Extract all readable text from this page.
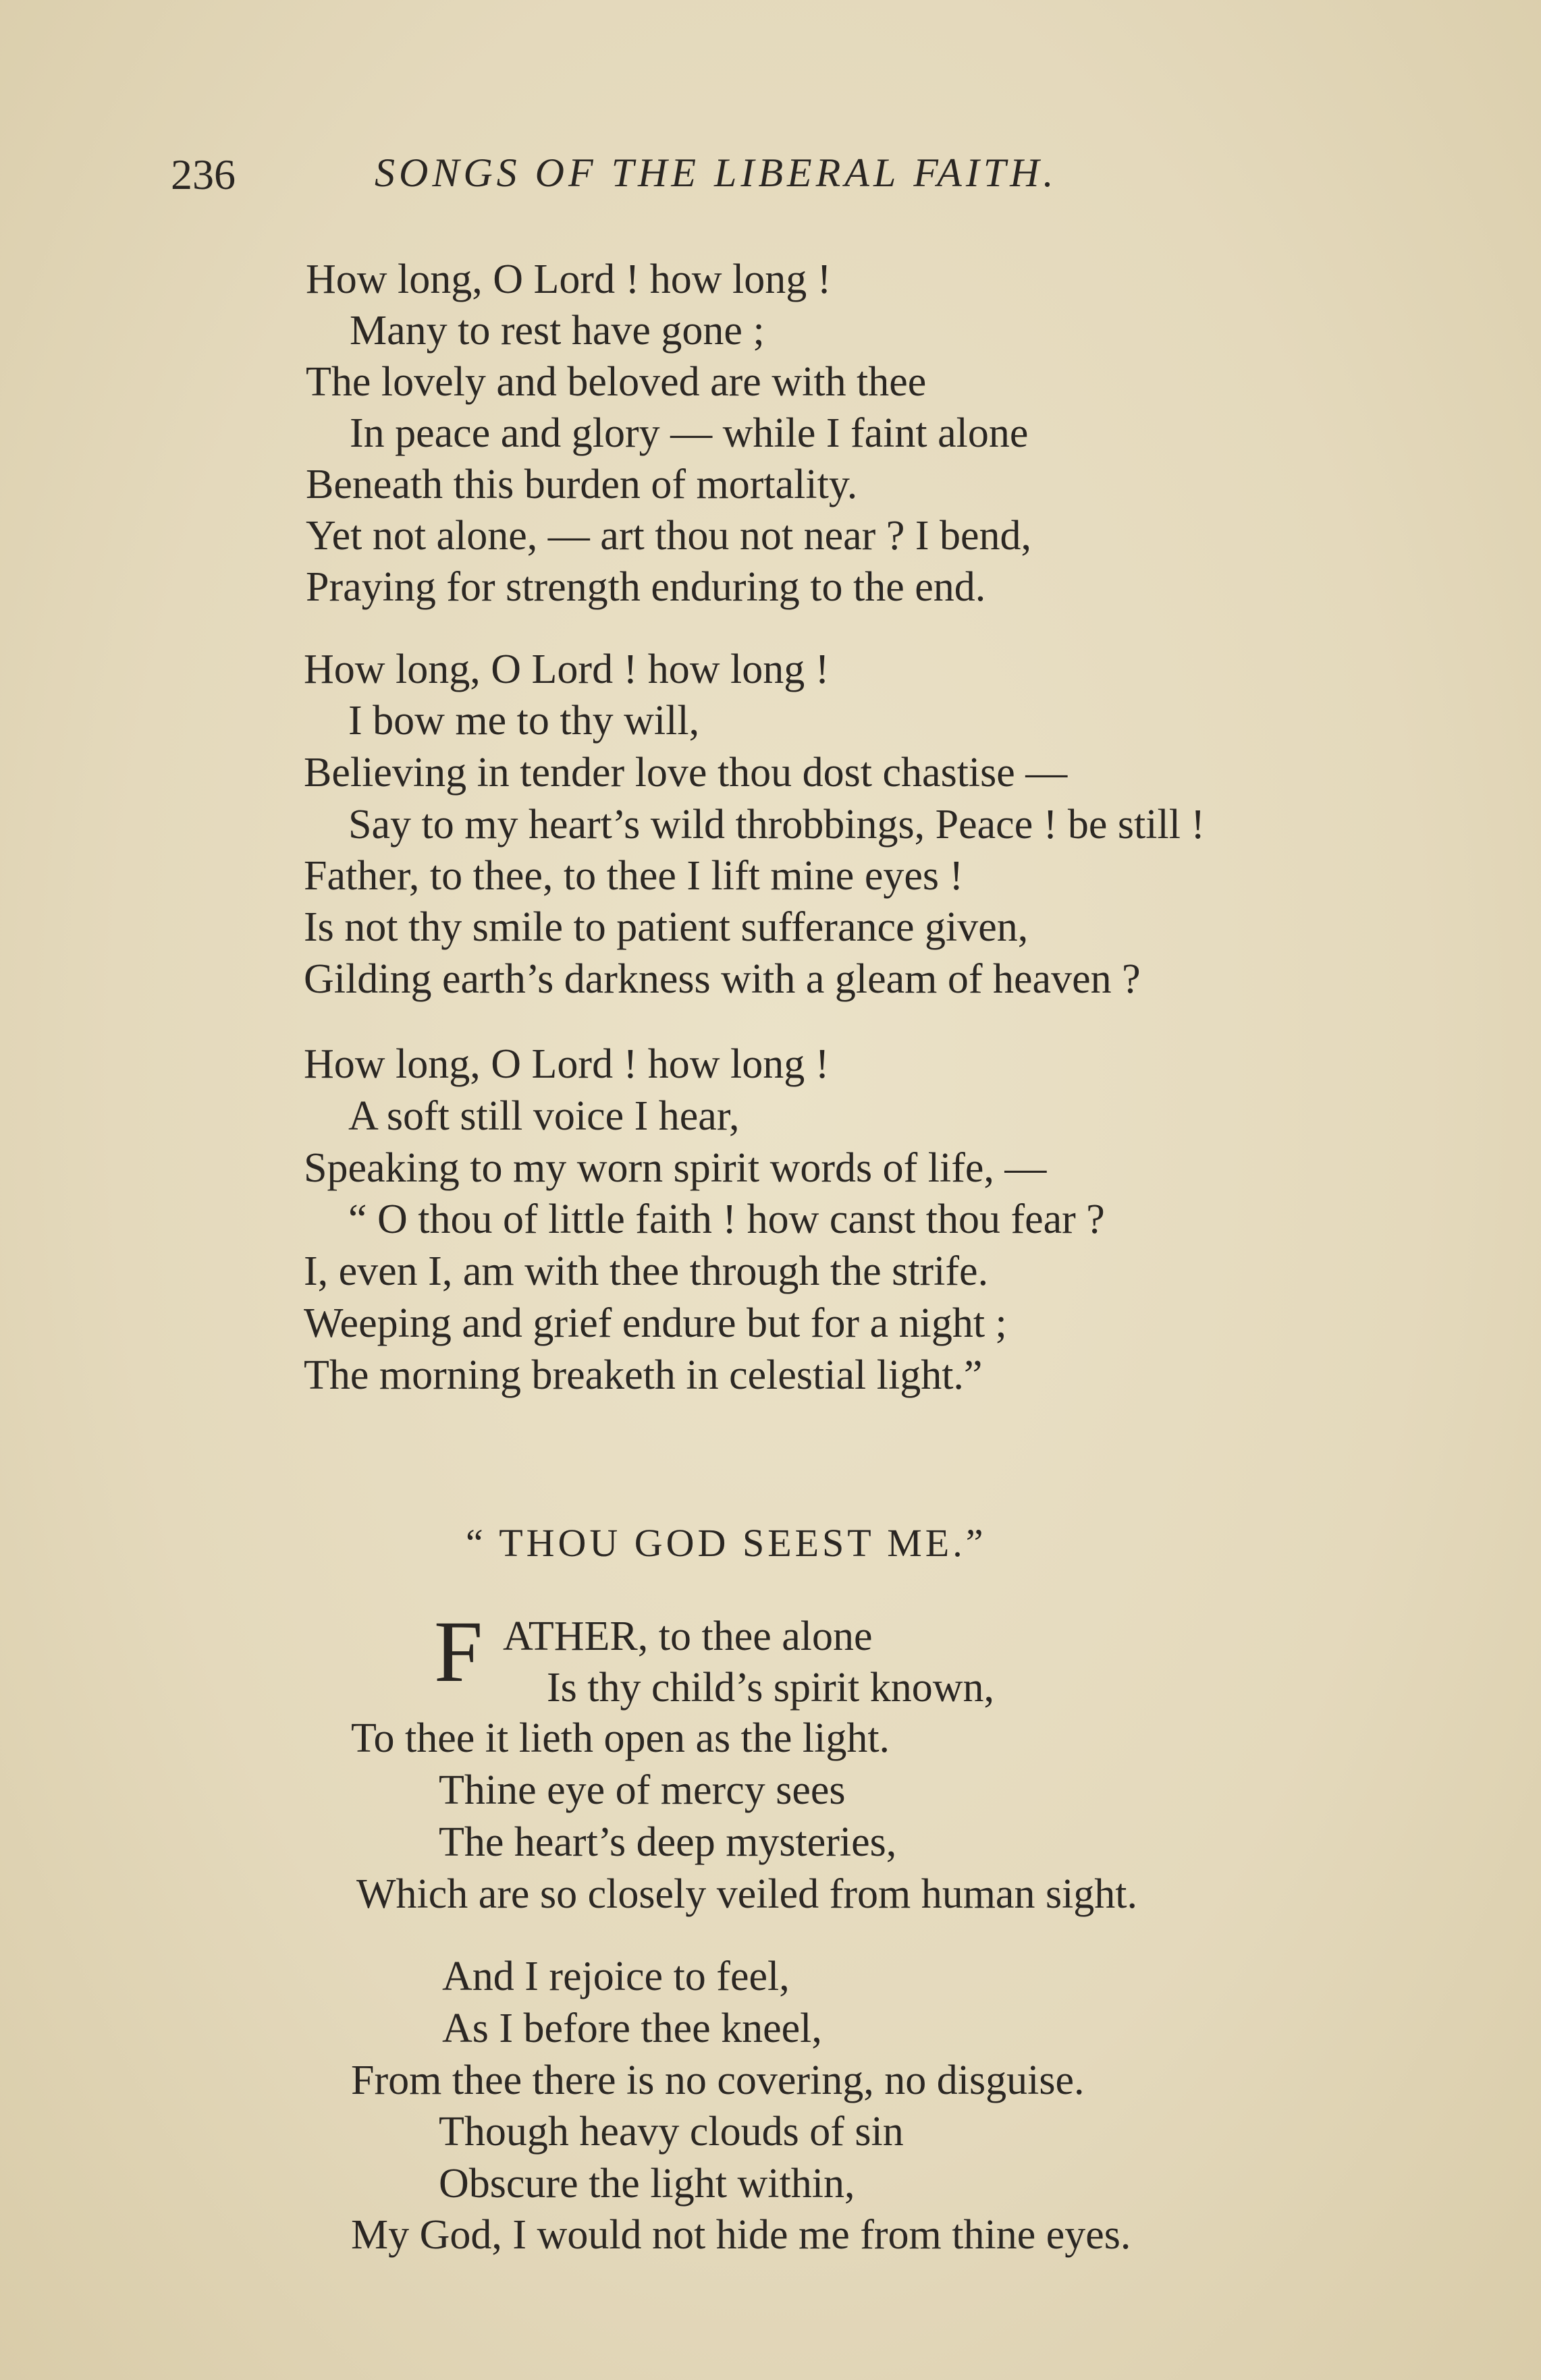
236	SONGS OF THE LIBERAL FAITH.
How long, O Lord ! how long !
Many to rest have gone ;
The lovely and beloved are with thee
In peace and glory — while I faint alone
Beneath this burden of mortality.
Yet not alone, — art thou not near ? I bend,
Praying for strength enduring to the end.
How long, O Lord ! how long !
I bow me to thy will,
Believing in tender love thou dost chastise —
Say to my heart’s wild throbbings, Peace ! be still !
Father, to thee, to thee I lift mine eyes !
Is not thy smile to patient sufferance given,
Gilding earth’s darkness with a gleam of heaven ?
How long, O Lord ! how long !
A soft still voice I hear,
Speaking to my worn spirit words of life, —
“ O thou of little faith ! how canst thou fear ?
I, even I, am with thee through the strife.
Weeping and grief endure but for a night ;
The morning breaketh in celestial light.”
“ THOU GOD SEEST ME.”
F ATHER, to thee alone
Is thy child’s spirit known,
To thee it lieth open as the light.
Thine eye of mercy sees
The heart’s deep mysteries,
Which are so closely veiled from human sight.
And I rejoice to feel,
As I before thee kneel,
From thee there is no covering, no disguise.
Though heavy clouds of sin
Obscure the light within,
My God, I would not hide me from thine eyes.
